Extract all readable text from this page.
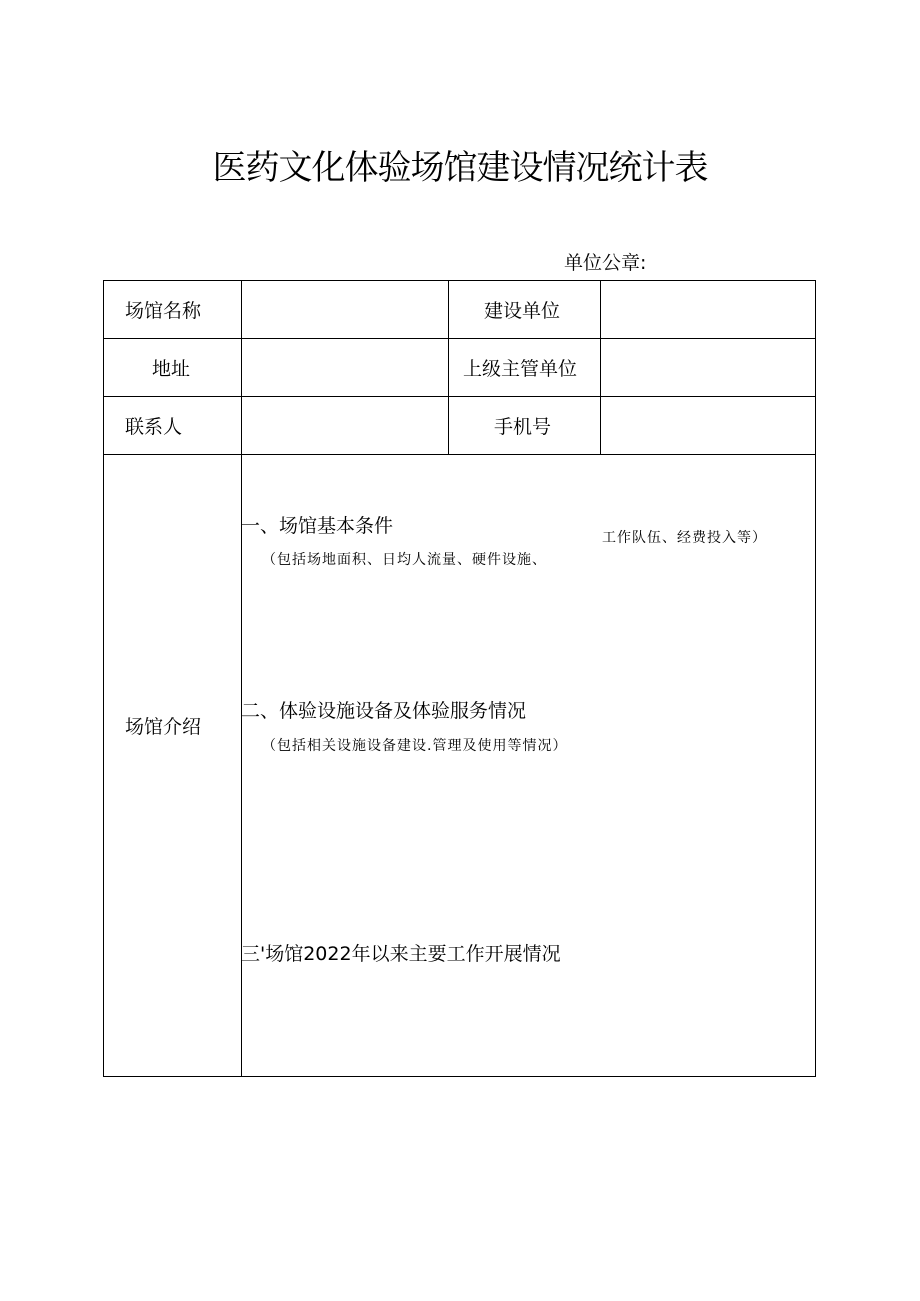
医药文化体验场馆建设情况统计表
单位公章:
场馆名称	建设单位
地址	上级主管单位
联系人	手机号
场馆介绍
一、场馆基本条件
（包括场地面积、日均人流量、硬件设施、
工作队伍、经费投入等）
二、体验设施设备及体验服务情况
（包括相关设施设备建设.管理及使用等情况）
三'场馆2022年以来主要工作开展情况
